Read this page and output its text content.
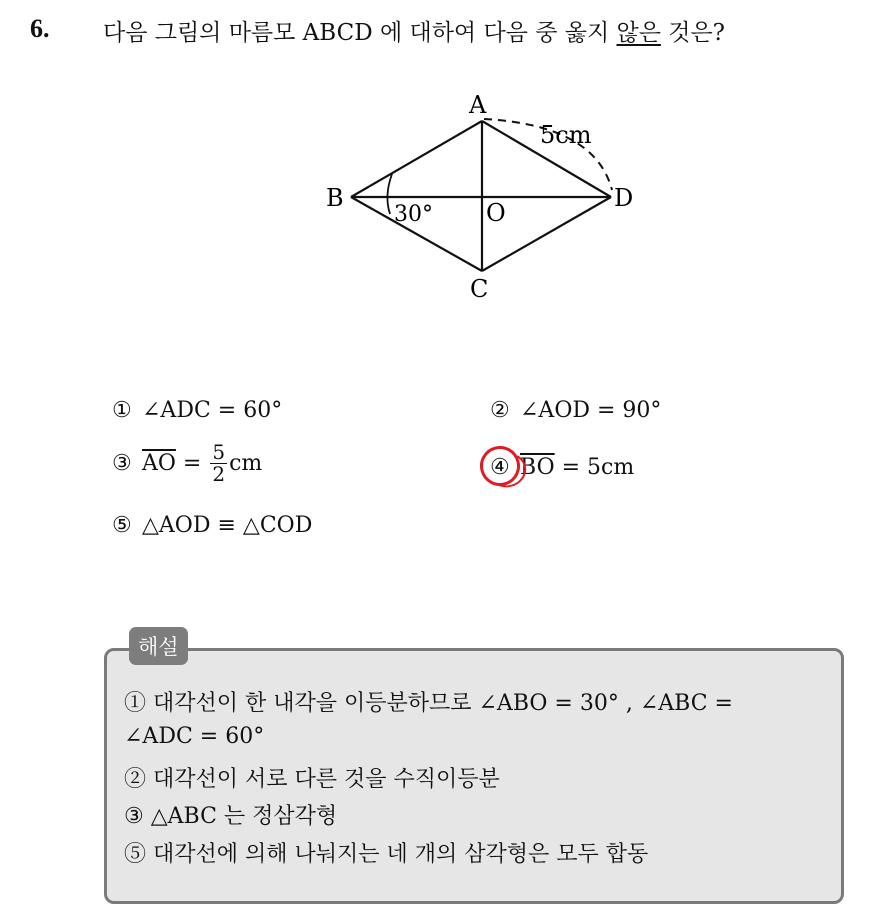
6. 다음 그림의 마름모 ABCD 에 대하여 다음 중 옳지 않은 것은?
A
B
C
D
O
5cm
30°
① ∠ADC = 60°	② ∠AOD = 90°
③ $\overline{AO} = \frac{5}{2}$ cm	④ $\overline{BO} = 5cm$
⑤ △AOD ≡ △COD
해설
① 대각선이 한 내각을 이등분하므로 ∠ABO = 30° , ∠ABC =
∠ADC = 60°
② 대각선이 서로 다른 것을 수직이등분
③ △ABC 는 정삼각형
⑤ 대각선에 의해 나눠지는 네 개의 삼각형은 모두 합동
